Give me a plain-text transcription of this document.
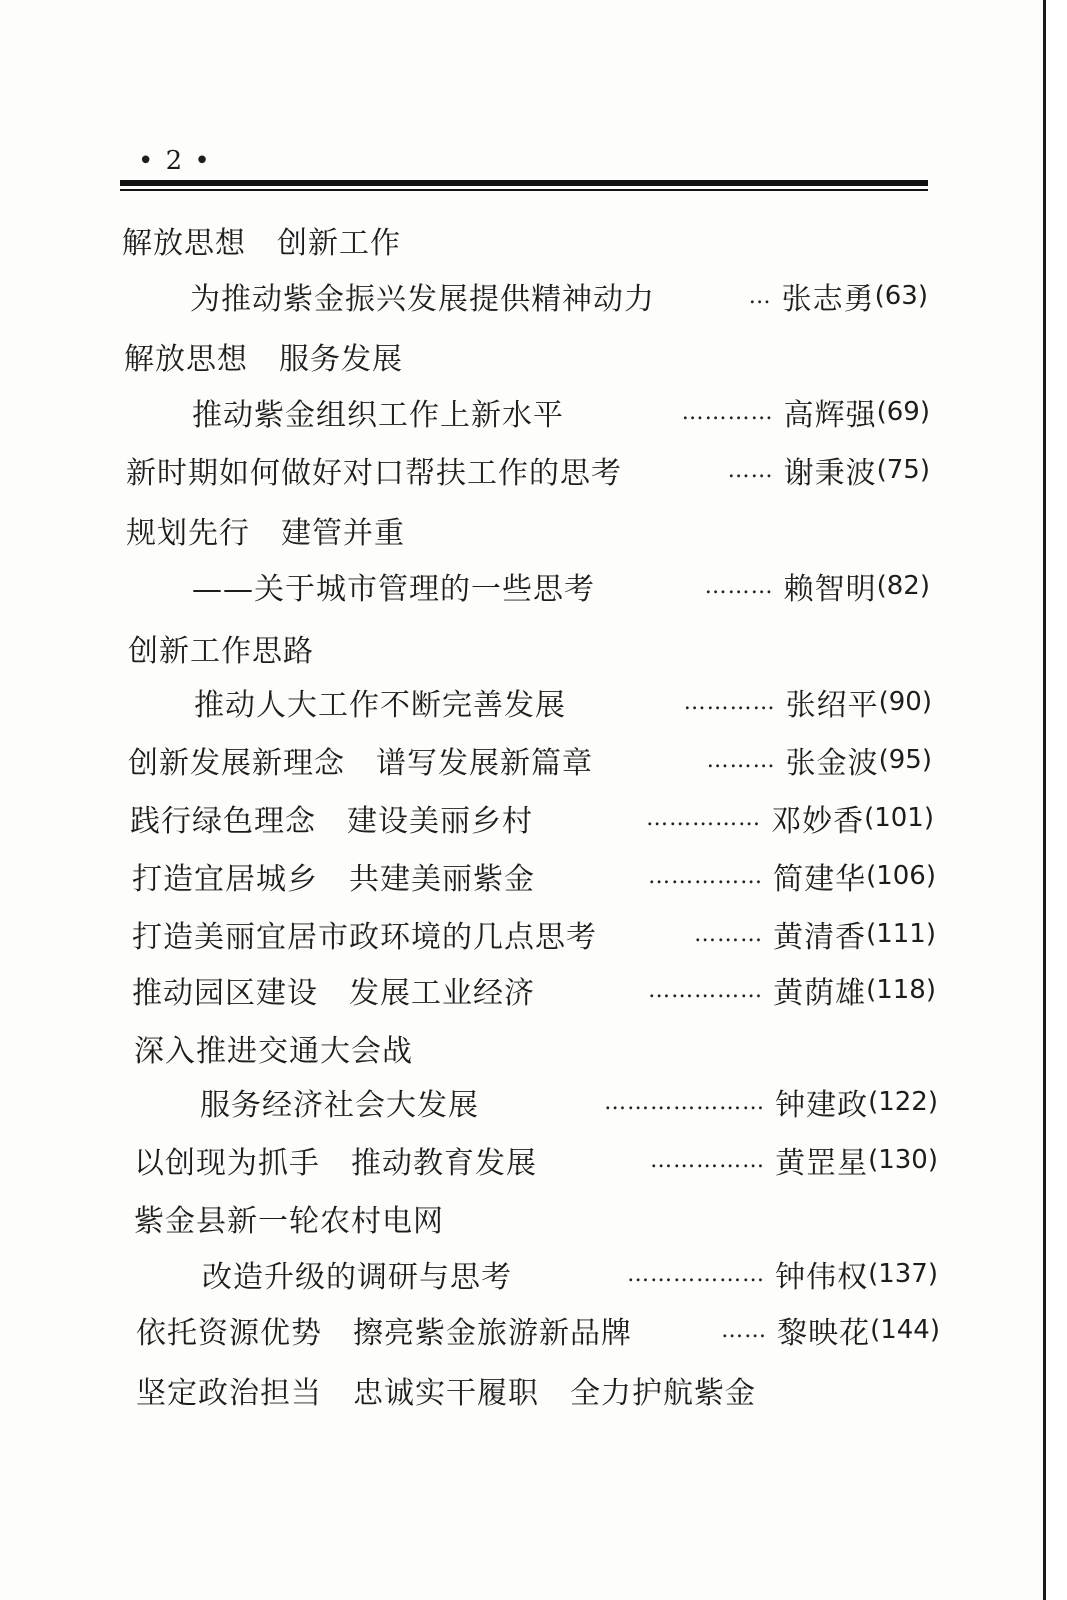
• 2 •
解放思想　创新工作
为推动紫金振兴发展提供精神动力	… 张志勇 (63)
解放思想　服务发展
推动紫金组织工作上新水平	………… 高辉强 (69)
新时期如何做好对口帮扶工作的思考	…… 谢秉波 (75)
规划先行　建管并重
——关于城市管理的一些思考	……… 赖智明 (82)
创新工作思路
推动人大工作不断完善发展	………… 张绍平 (90)
创新发展新理念　谱写发展新篇章	……… 张金波 (95)
践行绿色理念　建设美丽乡村	…………… 邓妙香 (101)
打造宜居城乡　共建美丽紫金	…………… 简建华 (106)
打造美丽宜居市政环境的几点思考	……… 黄清香 (111)
推动园区建设　发展工业经济	…………… 黄荫雄 (118)
深入推进交通大会战
服务经济社会大发展	………………… 钟建政 (122)
以创现为抓手　推动教育发展	…………… 黄罡星 (130)
紫金县新一轮农村电网
改造升级的调研与思考	……………… 钟伟权 (137)
依托资源优势　擦亮紫金旅游新品牌	…… 黎映花 (144)
坚定政治担当　忠诚实干履职　全力护航紫金
